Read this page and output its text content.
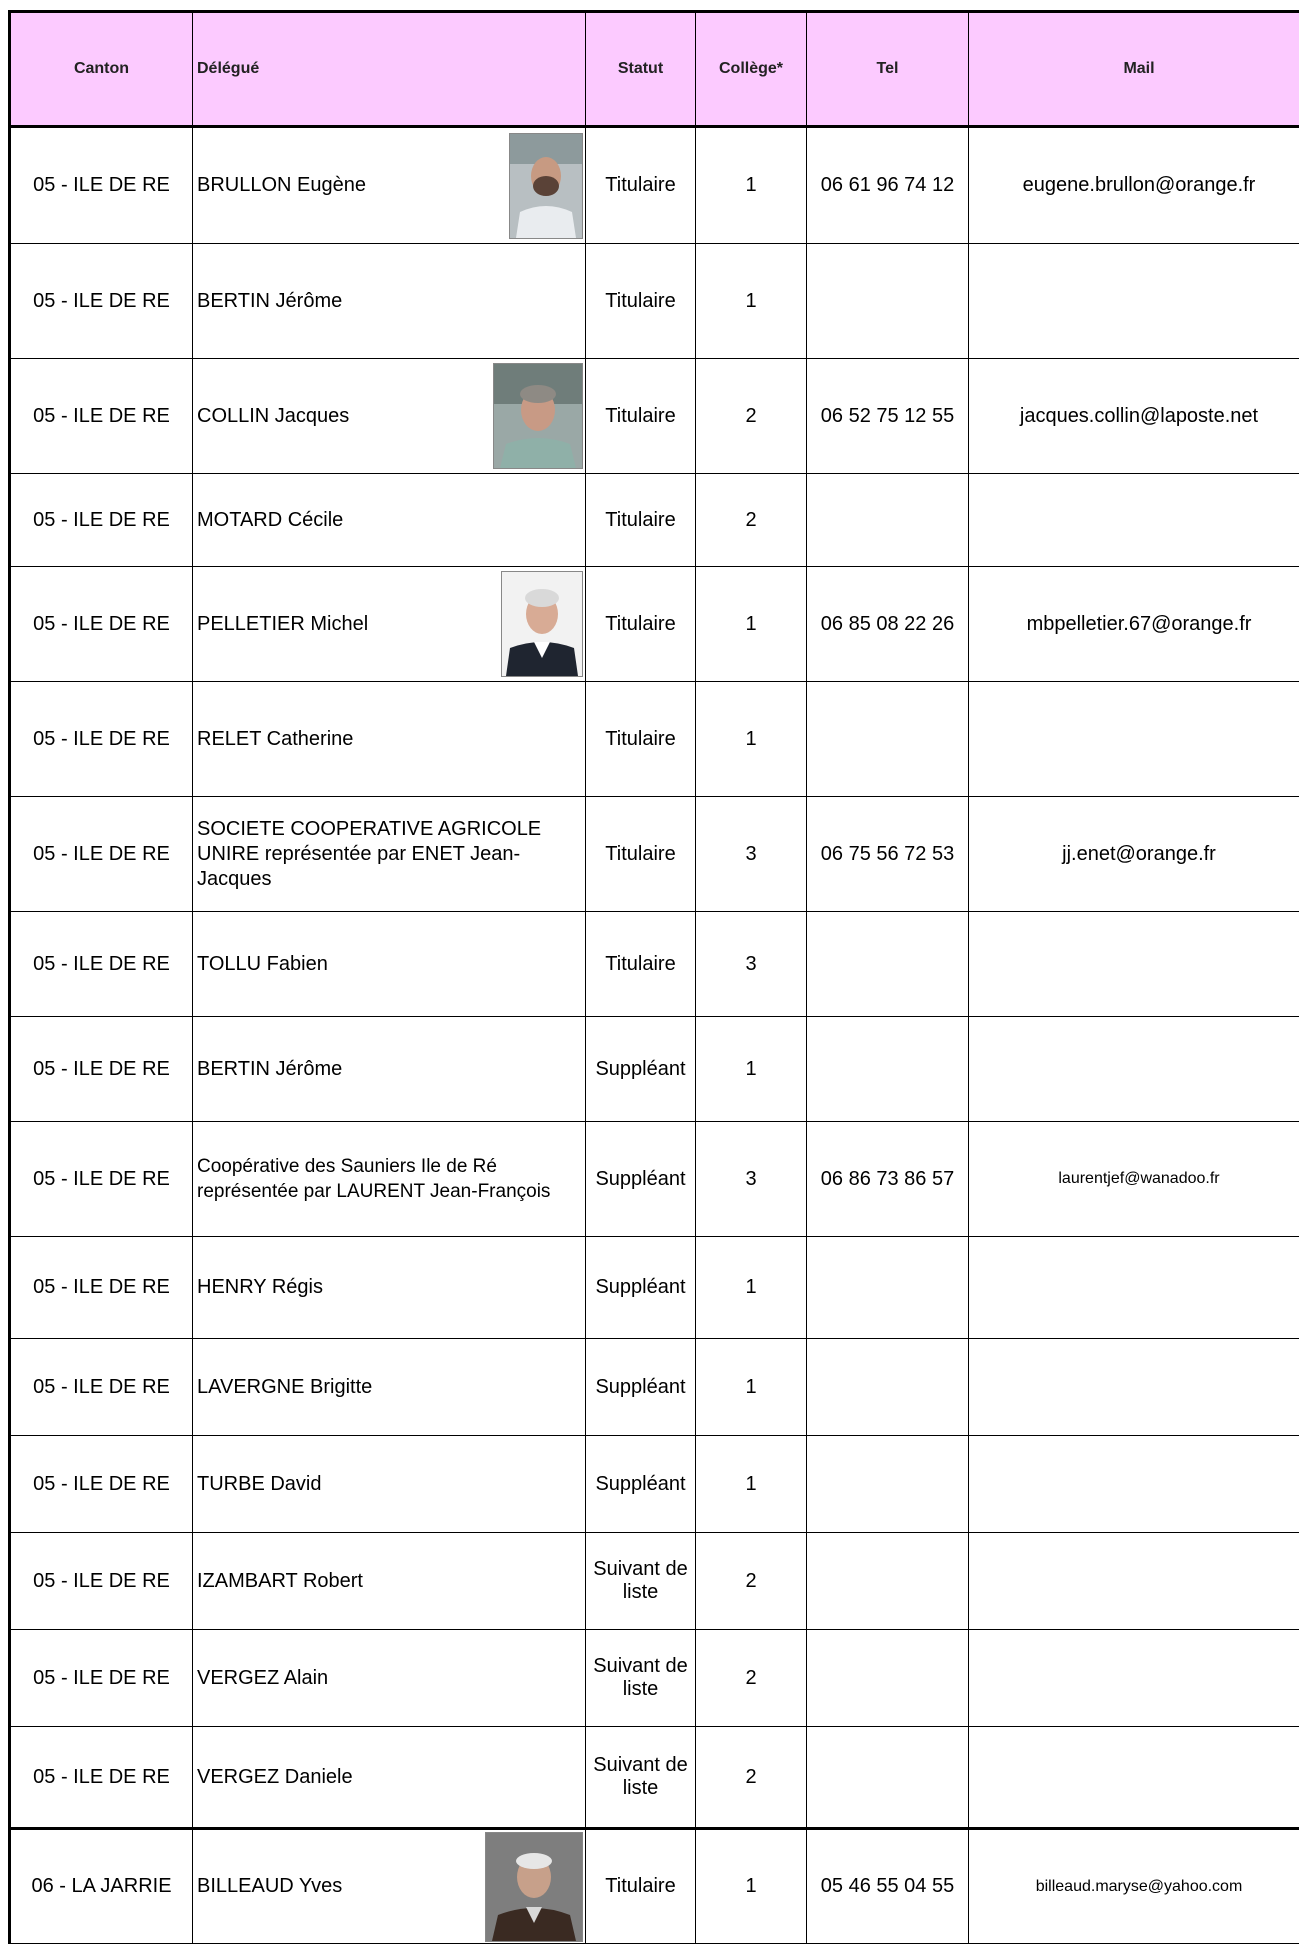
Canton	Délégué	Statut	Collège*	Tel	Mail
05 - ILE DE RE	BRULLON Eugène	Titulaire	1	06 61 96 74 12	eugene.brullon@orange.fr
05 - ILE DE RE	BERTIN Jérôme	Titulaire	1		
05 - ILE DE RE	COLLIN Jacques	Titulaire	2	06 52 75 12 55	jacques.collin@laposte.net
05 - ILE DE RE	MOTARD Cécile	Titulaire	2		
05 - ILE DE RE	PELLETIER Michel	Titulaire	1	06 85 08 22 26	mbpelletier.67@orange.fr
05 - ILE DE RE	RELET Catherine	Titulaire	1		
05 - ILE DE RE	SOCIETE COOPERATIVE AGRICOLE UNIRE représentée par ENET Jean-Jacques	Titulaire	3	06 75 56 72 53	jj.enet@orange.fr
05 - ILE DE RE	TOLLU Fabien	Titulaire	3		
05 - ILE DE RE	BERTIN Jérôme	Suppléant	1		
05 - ILE DE RE	Coopérative des Sauniers Ile de Ré représentée par LAURENT Jean-François	Suppléant	3	06 86 73 86 57	laurentjef@wanadoo.fr
05 - ILE DE RE	HENRY Régis	Suppléant	1		
05 - ILE DE RE	LAVERGNE Brigitte	Suppléant	1		
05 - ILE DE RE	TURBE David	Suppléant	1		
05 - ILE DE RE	IZAMBART Robert	Suivant de liste	2		
05 - ILE DE RE	VERGEZ Alain	Suivant de liste	2		
05 - ILE DE RE	VERGEZ Daniele	Suivant de liste	2		
06 - LA JARRIE	BILLEAUD Yves	Titulaire	1	05 46 55 04 55	billeaud.maryse@yahoo.com
